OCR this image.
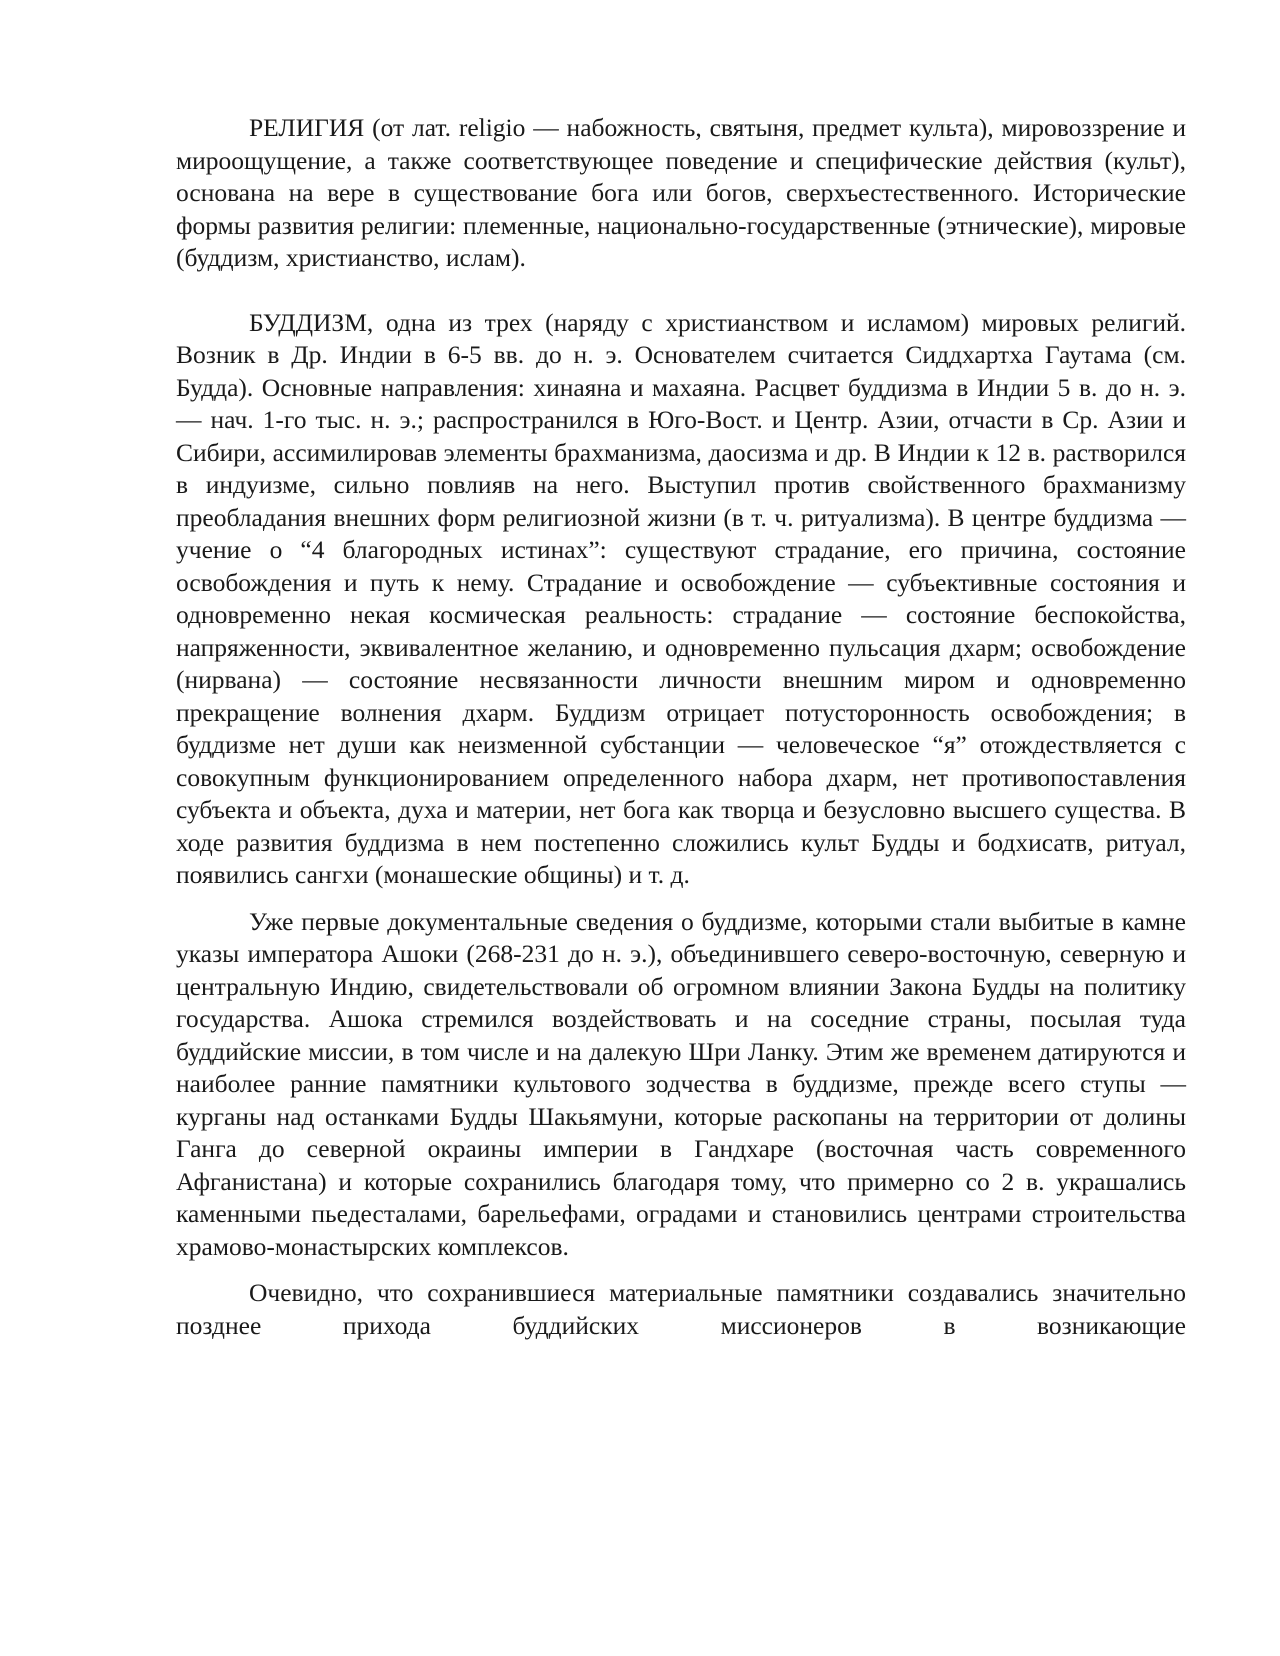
РЕЛИГИЯ (от лат. religio — набожность, святыня, предмет культа), мировоззрение и мироощущение, а также соответствующее поведение и специфические действия (культ), основана на вере в существование бога или богов, сверхъестественного. Исторические формы развития религии: племенные, национально-государственные (этнические), мировые (буддизм, христианство, ислам).

БУДДИЗМ, одна из трех (наряду с христианством и исламом) мировых религий. Возник в Др. Индии в 6-5 вв. до н. э. Основателем считается Сиддхартха Гаутама (см. Будда). Основные направления: хинаяна и махаяна. Расцвет буддизма в Индии 5 в. до н. э. — нач. 1-го тыс. н. э.; распространился в Юго-Вост. и Центр. Азии, отчасти в Ср. Азии и Сибири, ассимилировав элементы брахманизма, даосизма и др. В Индии к 12 в. растворился в индуизме, сильно повлияв на него. Выступил против свойственного брахманизму преобладания внешних форм религиозной жизни (в т. ч. ритуализма). В центре буддизма — учение о “4 благородных истинах”: существуют страдание, его причина, состояние освобождения и путь к нему. Страдание и освобождение — субъективные состояния и одновременно некая космическая реальность: страдание — состояние беспокойства, напряженности, эквивалентное желанию, и одновременно пульсация дхарм; освобождение (нирвана) — состояние несвязанности личности внешним миром и одновременно прекращение волнения дхарм. Буддизм отрицает потусторонность освобождения; в буддизме нет души как неизменной субстанции — человеческое “я” отождествляется с совокупным функционированием определенного набора дхарм, нет противопоставления субъекта и объекта, духа и материи, нет бога как творца и безусловно высшего существа. В ходе развития буддизма в нем постепенно сложились культ Будды и бодхисатв, ритуал, появились сангхи (монашеские общины) и т. д.

Уже первые документальные сведения о буддизме, которыми стали выбитые в камне указы императора Ашоки (268-231 до н. э.), объединившего северо-восточную, северную и центральную Индию, свидетельствовали об огромном влиянии Закона Будды на политику государства. Ашока стремился воздействовать и на соседние страны, посылая туда буддийские миссии, в том числе и на далекую Шри Ланку. Этим же временем датируются и наиболее ранние памятники культового зодчества в буддизме, прежде всего ступы — курганы над останками Будды Шакьямуни, которые раскопаны на территории от долины Ганга до северной окраины империи в Гандхаре (восточная часть современного Афганистана) и которые сохранились благодаря тому, что примерно со 2 в. украшались каменными пьедесталами, барельефами, оградами и становились центрами строительства храмово-монастырских комплексов.

Очевидно, что сохранившиеся материальные памятники создавались значительно позднее прихода буддийских миссионеров в возникающие
